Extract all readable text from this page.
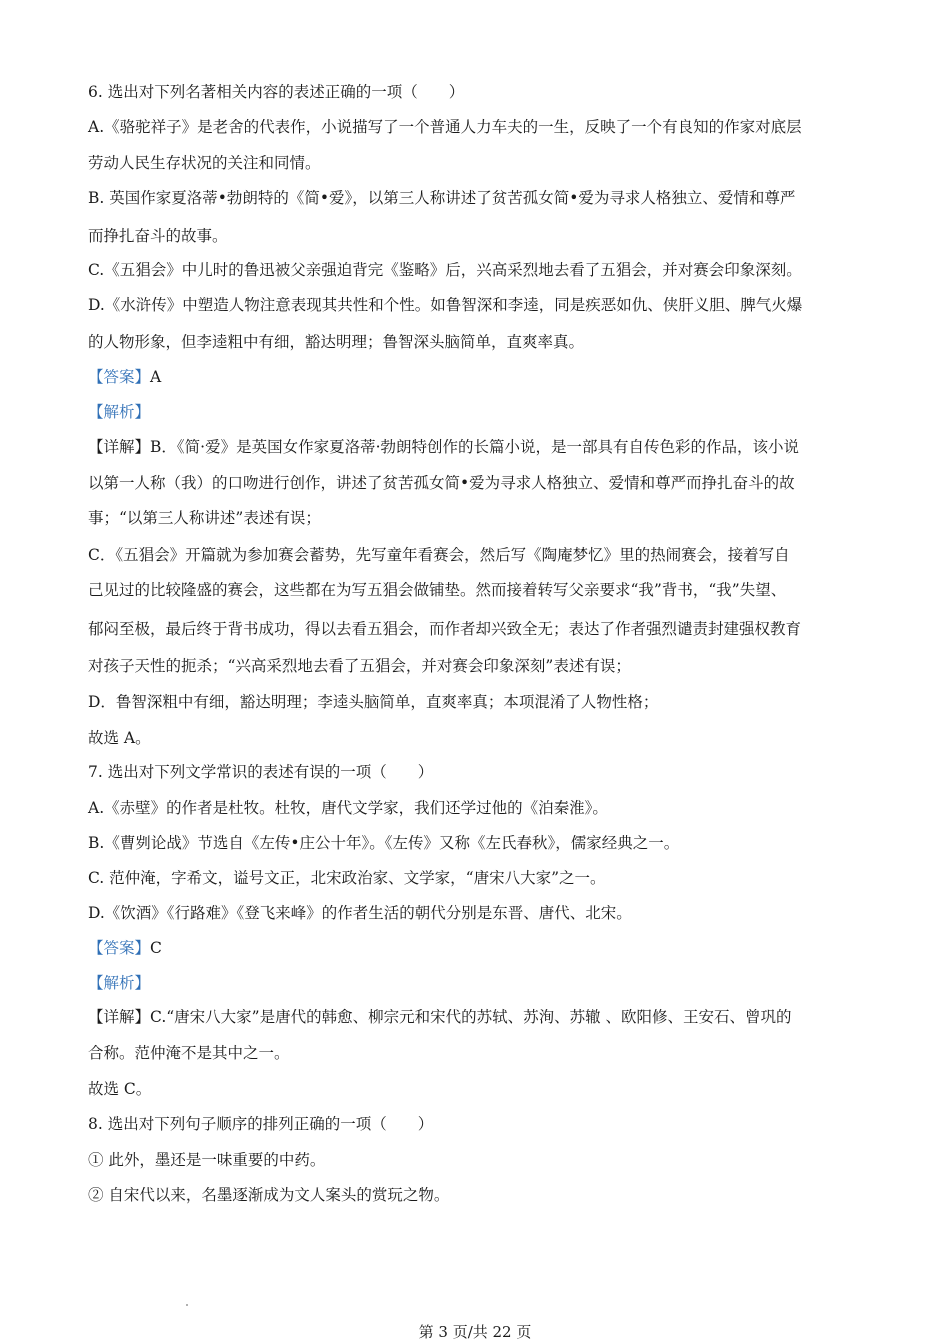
6. 选出对下列名著相关内容的表述正确的一项（　　）
A.《骆驼祥子》是老舍的代表作，小说描写了一个普通人力车夫的一生，反映了一个有良知的作家对底层
劳动人民生存状况的关注和同情。
B. 英国作家夏洛蒂•勃朗特的《简•爱》，以第三人称讲述了贫苦孤女简•爱为寻求人格独立、爱情和尊严
而挣扎奋斗的故事。
C.《五猖会》中儿时的鲁迅被父亲强迫背完《鉴略》后，兴高采烈地去看了五猖会，并对赛会印象深刻。
D.《水浒传》中塑造人物注意表现其共性和个性。如鲁智深和李逵，同是疾恶如仇、侠肝义胆、脾气火爆
的人物形象，但李逵粗中有细，豁达明理；鲁智深头脑简单，直爽率真。
【答案】A
【解析】
【详解】B．《简·爱》是英国女作家夏洛蒂·勃朗特创作的长篇小说，是一部具有自传色彩的作品，该小说
以第一人称（我）的口吻进行创作，讲述了贫苦孤女简•爱为寻求人格独立、爱情和尊严而挣扎奋斗的故
事；“以第三人称讲述”表述有误；
C．《五猖会》开篇就为参加赛会蓄势，先写童年看赛会，然后写《陶庵梦忆》里的热闹赛会，接着写自
己见过的比较隆盛的赛会，这些都在为写五猖会做铺垫。然而接着转写父亲要求“我”背书，“我”失望、
郁闷至极，最后终于背书成功，得以去看五猖会，而作者却兴致全无；表达了作者强烈谴责封建强权教育
对孩子天性的扼杀；“兴高采烈地去看了五猖会，并对赛会印象深刻”表述有误；
D．鲁智深粗中有细，豁达明理；李逵头脑简单，直爽率真；本项混淆了人物性格；
故选 A。
7. 选出对下列文学常识的表述有误的一项（　　）
A.《赤壁》的作者是杜牧。杜牧，唐代文学家，我们还学过他的《泊秦淮》。
B.《曹刿论战》节选自《左传•庄公十年》。《左传》又称《左氏春秋》，儒家经典之一。
C. 范仲淹，字希文，谥号文正，北宋政治家、文学家，“唐宋八大家”之一。
D.《饮酒》《行路难》《登飞来峰》的作者生活的朝代分别是东晋、唐代、北宋。
【答案】C
【解析】
【详解】C.“唐宋八大家”是唐代的韩愈、柳宗元和宋代的苏轼、苏洵、苏辙 、欧阳修、王安石、曾巩的
合称。范仲淹不是其中之一。
故选 C。
8. 选出对下列句子顺序的排列正确的一项（　　）
① 此外，墨还是一味重要的中药。
② 自宋代以来，名墨逐渐成为文人案头的赏玩之物。
第 3 页/共 22 页
